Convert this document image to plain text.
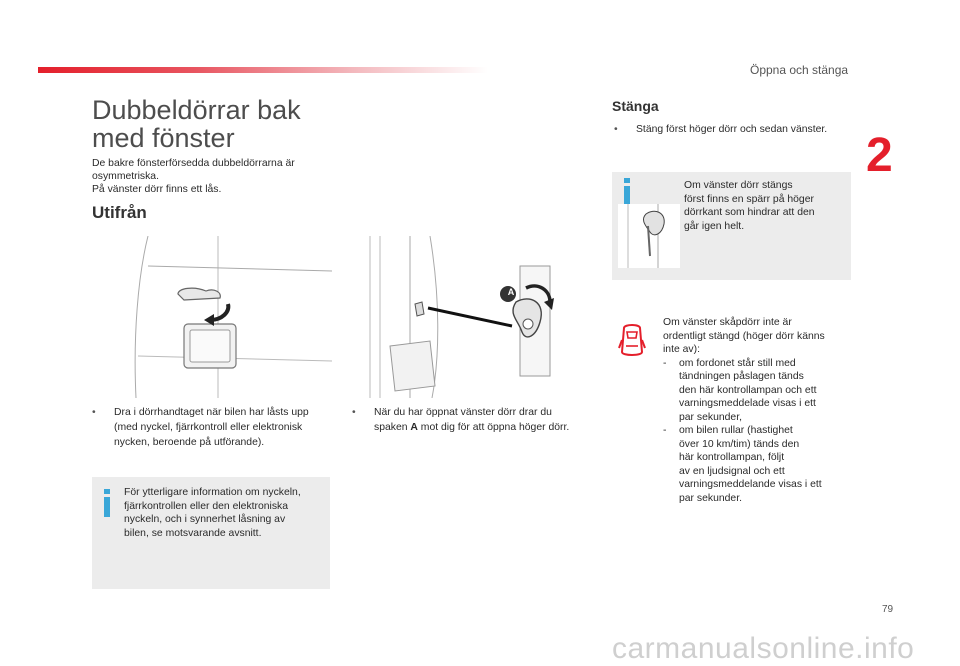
Öppna och stänga
2
Dubbeldörrar bak
med fönster
De bakre fönsterförsedda dubbeldörrarna är
osymmetriska.
På vänster dörr finns ett lås.
Utifrån
A
• Dra i dörrhandtaget när bilen har låsts upp
(med nyckel, fjärrkontroll eller elektronisk
nycken, beroende på utförande).
• När du har öppnat vänster dörr drar du
spaken A mot dig för att öppna höger dörr.
För ytterligare information om nyckeln,
fjärrkontrollen eller den elektroniska
nyckeln, och i synnerhet låsning av
bilen, se motsvarande avsnitt.
Stänga
•	Stäng först höger dörr och sedan vänster.
Om vänster dörr stängs
först finns en spärr på höger
dörrkant som hindrar att den
går igen helt.
Om vänster skåpdörr inte är
ordentligt stängd (höger dörr känns
inte av):
-	om fordonet står still med
tändningen påslagen tänds
den här kontrollampan och ett
varningsmeddelade visas i ett
par sekunder,
-	om bilen rullar (hastighet
över 10 km/tim) tänds den
här kontrollampan, följt
av en ljudsignal och ett
varningsmeddelande visas i ett
par sekunder.
79
carmanualsonline.info
